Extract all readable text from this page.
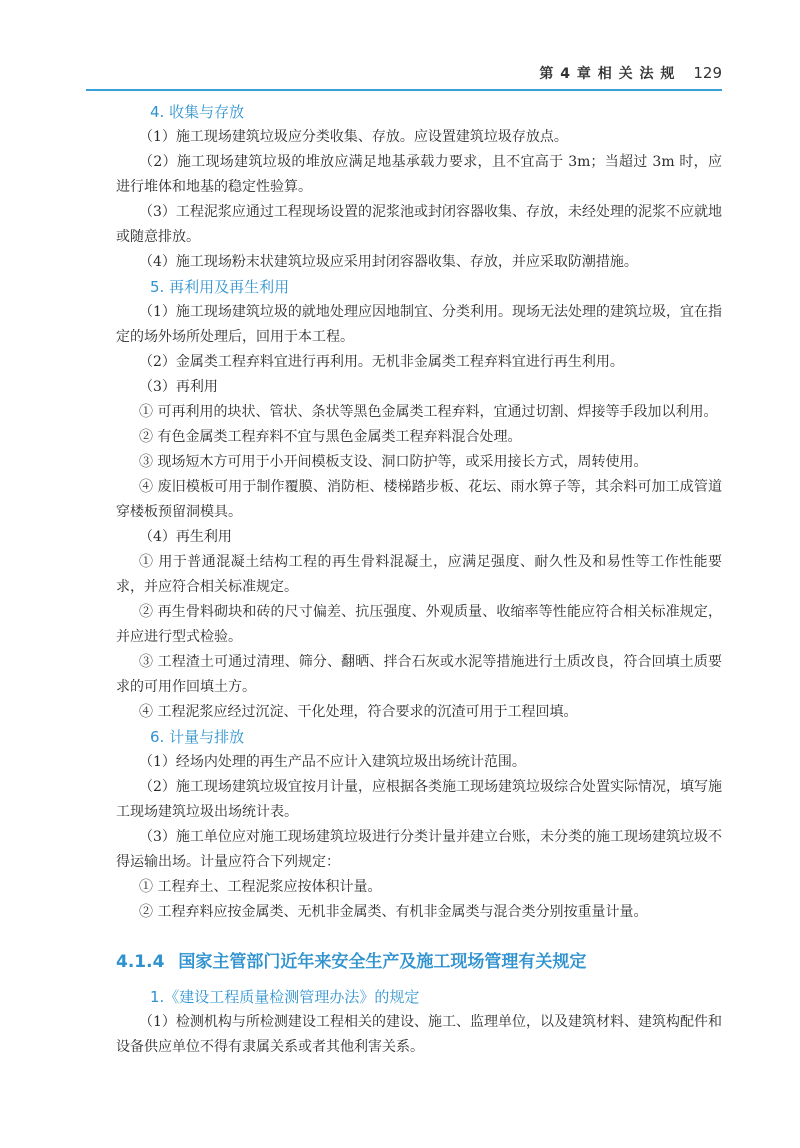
第 4 章 相 关 法 规 129
4. 收集与存放

（1）施工现场建筑垃圾应分类收集、存放。应设置建筑垃圾存放点。

（2）施工现场建筑垃圾的堆放应满足地基承载力要求，且不宜高于 3m；当超过 3m 时，应进行堆体和地基的稳定性验算。

（3）工程泥浆应通过工程现场设置的泥浆池或封闭容器收集、存放，未经处理的泥浆不应就地或随意排放。

（4）施工现场粉末状建筑垃圾应采用封闭容器收集、存放，并应采取防潮措施。

5. 再利用及再生利用

（1）施工现场建筑垃圾的就地处理应因地制宜、分类利用。现场无法处理的建筑垃圾，宜在指定的场外场所处理后，回用于本工程。

（2）金属类工程弃料宜进行再利用。无机非金属类工程弃料宜进行再生利用。

（3）再利用

① 可再利用的块状、管状、条状等黑色金属类工程弃料，宜通过切割、焊接等手段加以利用。

② 有色金属类工程弃料不宜与黑色金属类工程弃料混合处理。

③ 现场短木方可用于小开间模板支设、洞口防护等，或采用接长方式，周转使用。

④ 废旧模板可用于制作覆膜、消防柜、楼梯踏步板、花坛、雨水箅子等，其余料可加工成管道穿楼板预留洞模具。

（4）再生利用

① 用于普通混凝土结构工程的再生骨料混凝土，应满足强度、耐久性及和易性等工作性能要求，并应符合相关标准规定。

② 再生骨料砌块和砖的尺寸偏差、抗压强度、外观质量、收缩率等性能应符合相关标准规定，并应进行型式检验。

③ 工程渣土可通过清理、筛分、翻晒、拌合石灰或水泥等措施进行土质改良，符合回填土质要求的可用作回填土方。

④ 工程泥浆应经过沉淀、干化处理，符合要求的沉渣可用于工程回填。

6. 计量与排放

（1）经场内处理的再生产品不应计入建筑垃圾出场统计范围。

（2）施工现场建筑垃圾宜按月计量，应根据各类施工现场建筑垃圾综合处置实际情况，填写施工现场建筑垃圾出场统计表。

（3）施工单位应对施工现场建筑垃圾进行分类计量并建立台账，未分类的施工现场建筑垃圾不得运输出场。计量应符合下列规定：

① 工程弃土、工程泥浆应按体积计量。

② 工程弃料应按金属类、无机非金属类、有机非金属类与混合类分别按重量计量。

4.1.4 国家主管部门近年来安全生产及施工现场管理有关规定
1.《建设工程质量检测管理办法》的规定

（1）检测机构与所检测建设工程相关的建设、施工、监理单位，以及建筑材料、建筑构配件和设备供应单位不得有隶属关系或者其他利害关系。
